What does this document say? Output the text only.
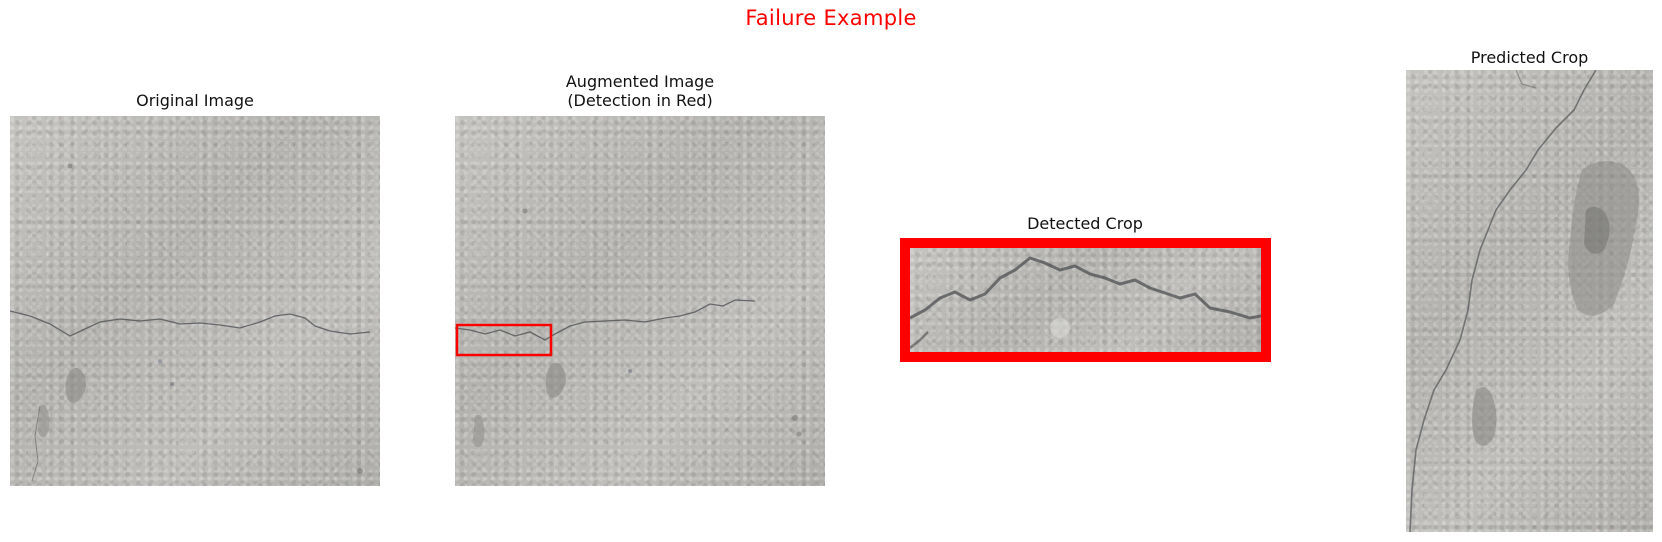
Failure Example
Original Image
Augmented Image
(Detection in Red)
Detected Crop
Predicted Crop
